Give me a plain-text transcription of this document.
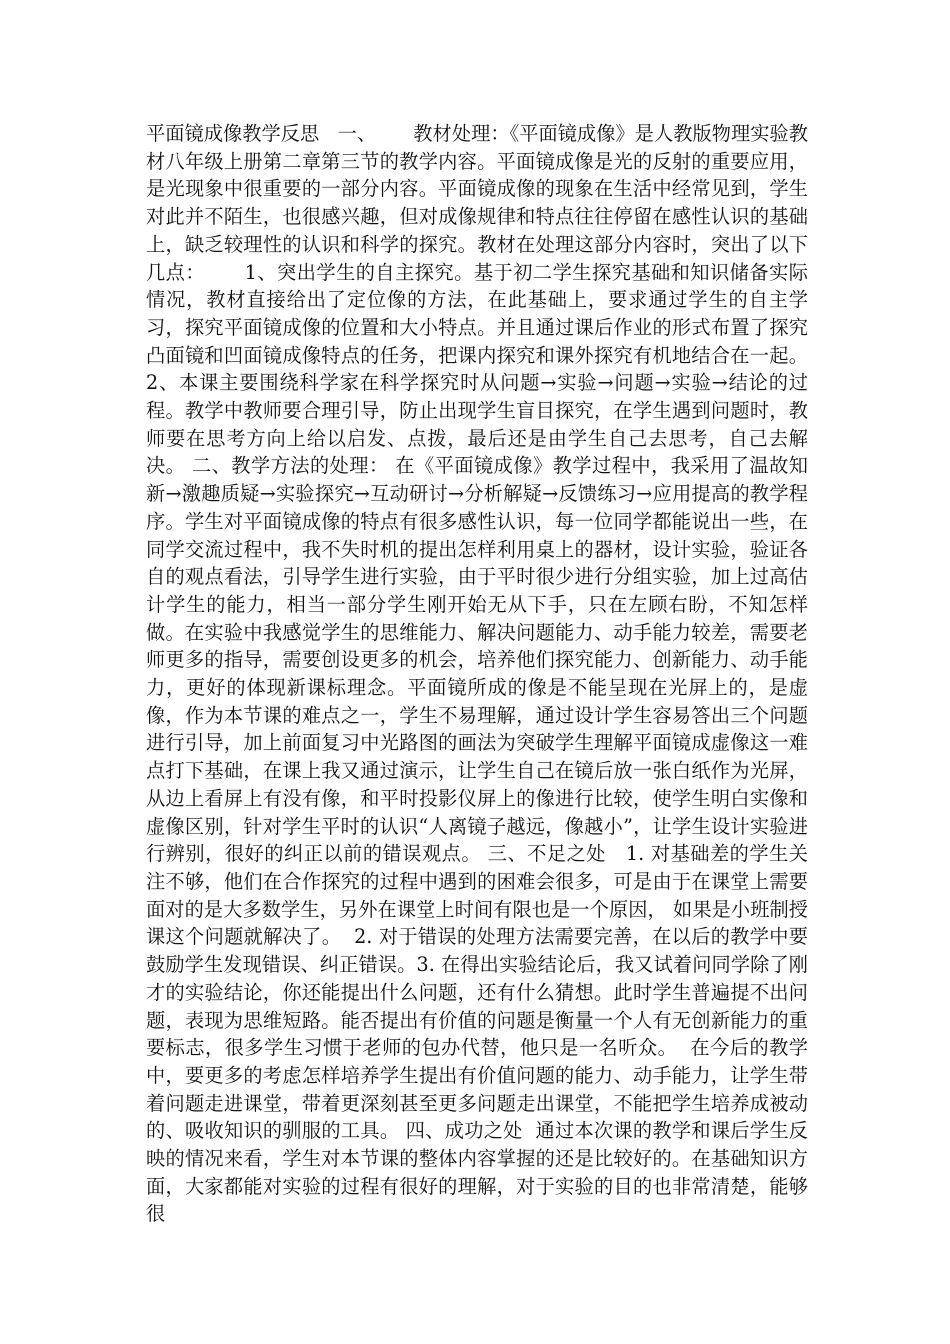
平面镜成像教学反思   一、      教材处理：《平面镜成像》是人教版物理实验教材八年级上册第二章第三节的教学内容。平面镜成像是光的反射的重要应用，是光现象中很重要的一部分内容。平面镜成像的现象在生活中经常见到，学生对此并不陌生，也很感兴趣，但对成像规律和特点往往停留在感性认识的基础上，缺乏较理性的认识和科学的探究。教材在处理这部分内容时，突出了以下几点：      1、突出学生的自主探究。基于初二学生探究基础和知识储备实际情况，教材直接给出了定位像的方法，在此基础上，要求通过学生的自主学习，探究平面镜成像的位置和大小特点。并且通过课后作业的形式布置了探究凸面镜和凹面镜成像特点的任务，把课内探究和课外探究有机地结合在一起。     2、本课主要围绕科学家在科学探究时从问题→实验→问题→实验→结论的过程。教学中教师要合理引导，防止出现学生盲目探究，在学生遇到问题时，教师要在思考方向上给以启发、点拨，最后还是由学生自己去思考，自己去解决。 二、教学方法的处理： 在《平面镜成像》教学过程中，我采用了温故知新→激趣质疑→实验探究→互动研讨→分析解疑→反馈练习→应用提高的教学程序。学生对平面镜成像的特点有很多感性认识，每一位同学都能说出一些，在同学交流过程中，我不失时机的提出怎样利用桌上的器材，设计实验，验证各自的观点看法，引导学生进行实验，由于平时很少进行分组实验，加上过高估计学生的能力，相当一部分学生刚开始无从下手，只在左顾右盼，不知怎样做。在实验中我感觉学生的思维能力、解决问题能力、动手能力较差，需要老师更多的指导，需要创设更多的机会，培养他们探究能力、创新能力、动手能力，更好的体现新课标理念。平面镜所成的像是不能呈现在光屏上的，是虚像，作为本节课的难点之一，学生不易理解，通过设计学生容易答出三个问题进行引导，加上前面复习中光路图的画法为突破学生理解平面镜成虚像这一难点打下基础，在课上我又通过演示，让学生自己在镜后放一张白纸作为光屏，从边上看屏上有没有像，和平时投影仪屏上的像进行比较，使学生明白实像和虚像区别，针对学生平时的认识“人离镜子越远，像越小”，让学生设计实验进行辨别，很好的纠正以前的错误观点。 三、不足之处   1. 对基础差的学生关注不够，他们在合作探究的过程中遇到的困难会很多，可是由于在课堂上需要面对的是大多数学生，另外在课堂上时间有限也是一个原因， 如果是小班制授课这个问题就解决了。  2. 对于错误的处理方法需要完善，在以后的教学中要鼓励学生发现错误、纠正错误。3. 在得出实验结论后，我又试着问同学除了刚才的实验结论，你还能提出什么问题，还有什么猜想。此时学生普遍提不出问题，表现为思维短路。能否提出有价值的问题是衡量一个人有无创新能力的重要标志，很多学生习惯于老师的包办代替，他只是一名听众。  在今后的教学中，要更多的考虑怎样培养学生提出有价值问题的能力、动手能力，让学生带着问题走进课堂，带着更深刻甚至更多问题走出课堂，不能把学生培养成被动的、吸收知识的驯服的工具。 四、成功之处  通过本次课的教学和课后学生反映的情况来看，学生对本节课的整体内容掌握的还是比较好的。在基础知识方面，大家都能对实验的过程有很好的理解，对于实验的目的也非常清楚，能够很
